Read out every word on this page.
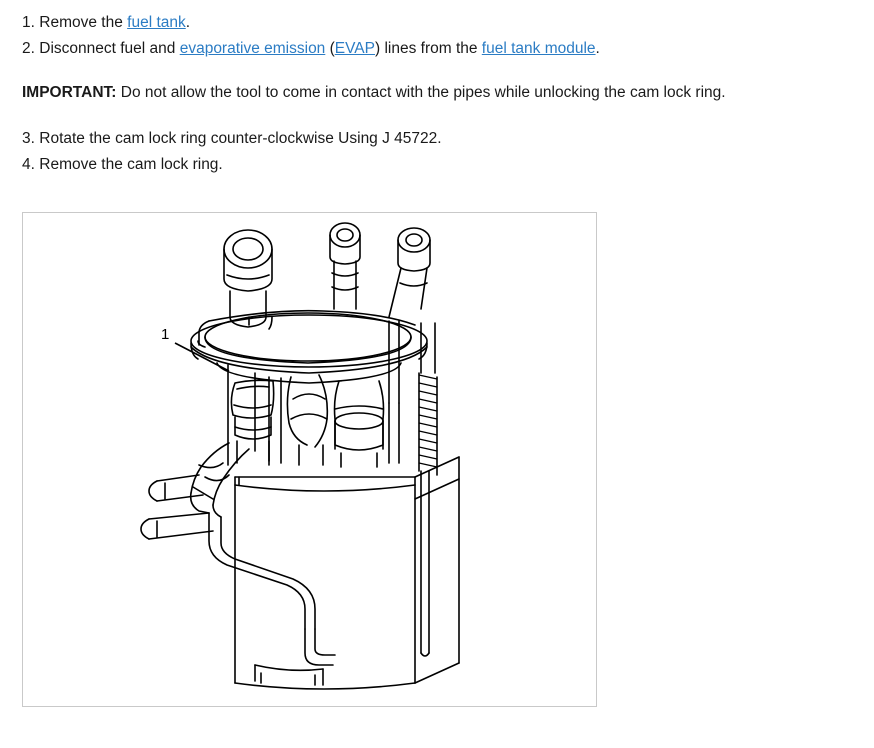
1. Remove the fuel tank.
2. Disconnect fuel and evaporative emission (EVAP) lines from the fuel tank module.
IMPORTANT: Do not allow the tool to come in contact with the pipes while unlocking the cam lock ring.
3. Rotate the cam lock ring counter-clockwise Using J 45722.
4. Remove the cam lock ring.
1
